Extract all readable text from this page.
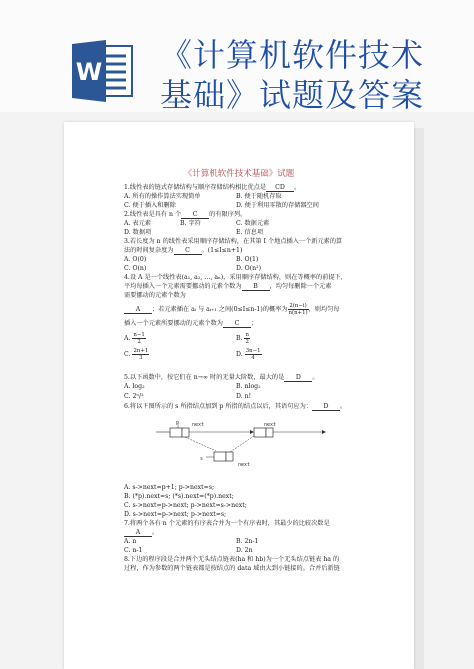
W 《计算机软件技术
基础》试题及答案
《计算机软件技术基础》试题
1.线性表的链式存储结构与顺序存储结构相比优点是 CD 。
A. 所有的操作算法实现简单	B. 便于随机存取
C. 便于插入和删除	D. 便于利用零散的存储器空间
2.线性表是具有 n 个 C 的有限序列。
A. 表元素	B. 字符	C. 数据元素
D. 数据项	E. 信息项
3.若长度为 n 的线性表采用顺序存储结构，在其第 I 个地点插入一个新元素的算
法的时间复杂度为 C 。(1≤I≤n+1)
A. O(0)	B. O(1)
C. O(n)	D. O(n²)
4.设 A 是一个线性表(a₁, a₂, …, aₙ)，采用顺序存储结构，则在等概率的前提下，
平均每插入一个元素需要挪动的元素个数为 B ，均匀每删除一个元素
需要挪动的元素个数为
A ；若元素插在 aᵢ 与 aᵢ₊₁ 之间(0≤I≤n-1)的概率为 $\frac{2(n-i)}{n(n+1)}$ ，则均匀每
插入一个元素所要挪动的元素个数为 C ；
A. $\frac{n-1}{2}$	B. $\frac{n}{2}$
C. $\frac{2n+1}{3}$	D. $\frac{3n-1}{4}$
5.以下函数中，按它们在 n→∞ 时的无量大阶数，最大的是 D 。
A. log₂	B. nlog₂
C. 2ⁿ/²	D. n!
6.将以下图所示的 s 所指结点加到 p 所指的结点以后，其语句应为： D 。
next	next
next
p
s
A. s->next=p+1; p->next=s;
B. (*p).next=s; (*s).next=(*p).next;
C. s->next=p->next; p->next=s->next;
D. s->next=p->next; p->next=s;
7.将两个各有 n 个元素的有序表合并为一个有序表时，其最少的比较次数是
A 。
A. n	B. 2n-1
C. n-1	D. 2n
8.下边的程序段是合并两个无头结点链表(ha 和 hb)为一个无头结点链表 ha 的
过程，作为参数的两个链表都是按结点的 data 域由大到小链接的。合并后新链
